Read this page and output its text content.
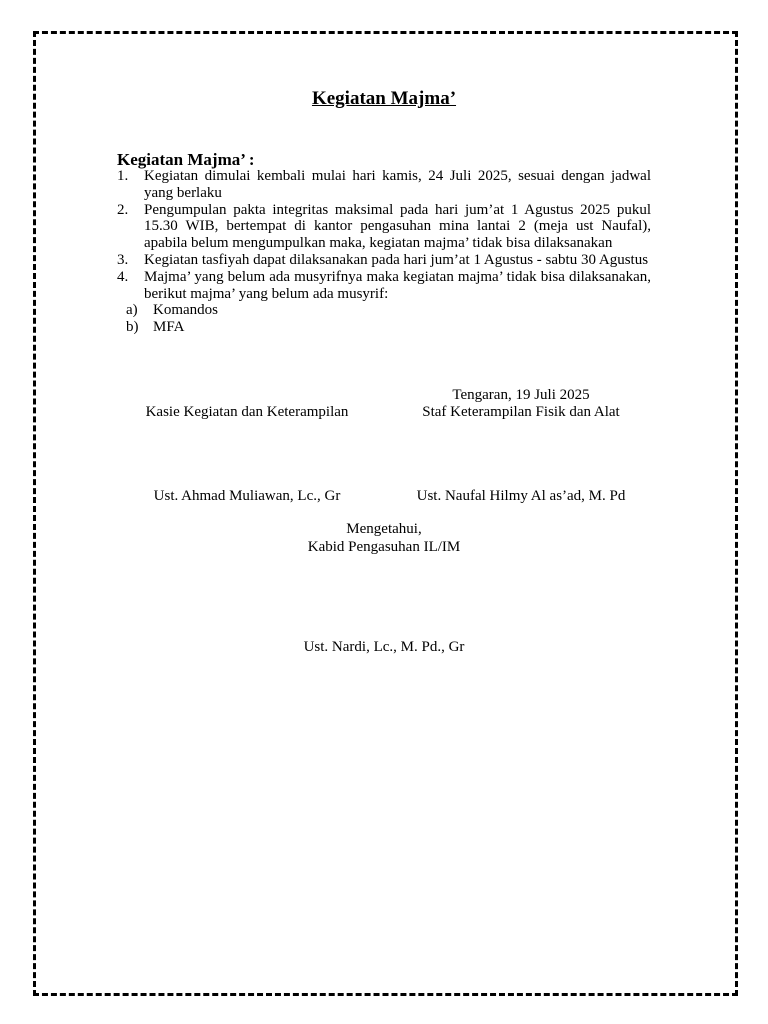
Kegiatan Majma’
Kegiatan Majma’ :
1. Kegiatan dimulai kembali mulai hari kamis, 24 Juli 2025, sesuai dengan jadwal yang berlaku
2. Pengumpulan pakta integritas maksimal pada hari jum’at 1 Agustus 2025 pukul 15.30 WIB, bertempat di kantor pengasuhan mina lantai 2 (meja ust Naufal), apabila belum mengumpulkan maka, kegiatan majma’ tidak bisa dilaksanakan
3. Kegiatan tasfiyah dapat dilaksanakan pada hari jum’at 1 Agustus - sabtu 30 Agustus
4. Majma’ yang belum ada musyrifnya maka kegiatan majma’ tidak bisa dilaksanakan, berikut majma’ yang belum ada musyrif:
a) Komandos
b) MFA
Tengaran, 19 Juli 2025
Kasie Kegiatan dan Keterampilan	Staf Keterampilan Fisik dan Alat
Ust. Ahmad Muliawan, Lc., Gr	Ust. Naufal Hilmy Al as’ad, M. Pd
Mengetahui,
Kabid Pengasuhan IL/IM
Ust. Nardi, Lc., M. Pd., Gr
